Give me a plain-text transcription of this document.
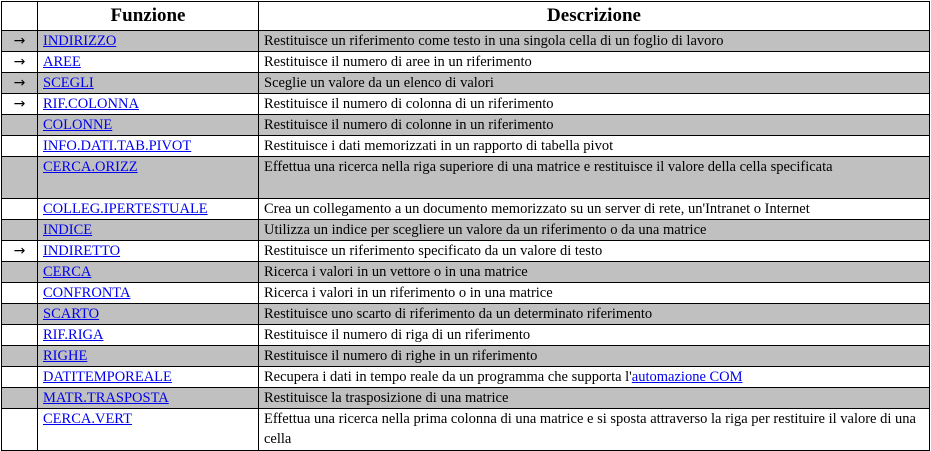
	Funzione	Descrizione
→	INDIRIZZO	Restituisce un riferimento come testo in una singola cella di un foglio di lavoro
→	AREE	Restituisce il numero di aree in un riferimento
→	SCEGLI	Sceglie un valore da un elenco di valori
→	RIF.COLONNA	Restituisce il numero di colonna di un riferimento
	COLONNE	Restituisce il numero di colonne in un riferimento
	INFO.DATI.TAB.PIVOT	Restituisce i dati memorizzati in un rapporto di tabella pivot
	CERCA.ORIZZ	Effettua una ricerca nella riga superiore di una matrice e restituisce il valore della cella specificata
	COLLEG.IPERTESTUALE	Crea un collegamento a un documento memorizzato su un server di rete, un'Intranet o Internet
	INDICE	Utilizza un indice per scegliere un valore da un riferimento o da una matrice
→	INDIRETTO	Restituisce un riferimento specificato da un valore di testo
	CERCA	Ricerca i valori in un vettore o in una matrice
	CONFRONTA	Ricerca i valori in un riferimento o in una matrice
	SCARTO	Restituisce uno scarto di riferimento da un determinato riferimento
	RIF.RIGA	Restituisce il numero di riga di un riferimento
	RIGHE	Restituisce il numero di righe in un riferimento
	DATITEMPOREALE	Recupera i dati in tempo reale da un programma che supporta l'automazione COM
	MATR.TRASPOSTA	Restituisce la trasposizione di una matrice
	CERCA.VERT	Effettua una ricerca nella prima colonna di una matrice e si sposta attraverso la riga per restituire il valore di una cella
